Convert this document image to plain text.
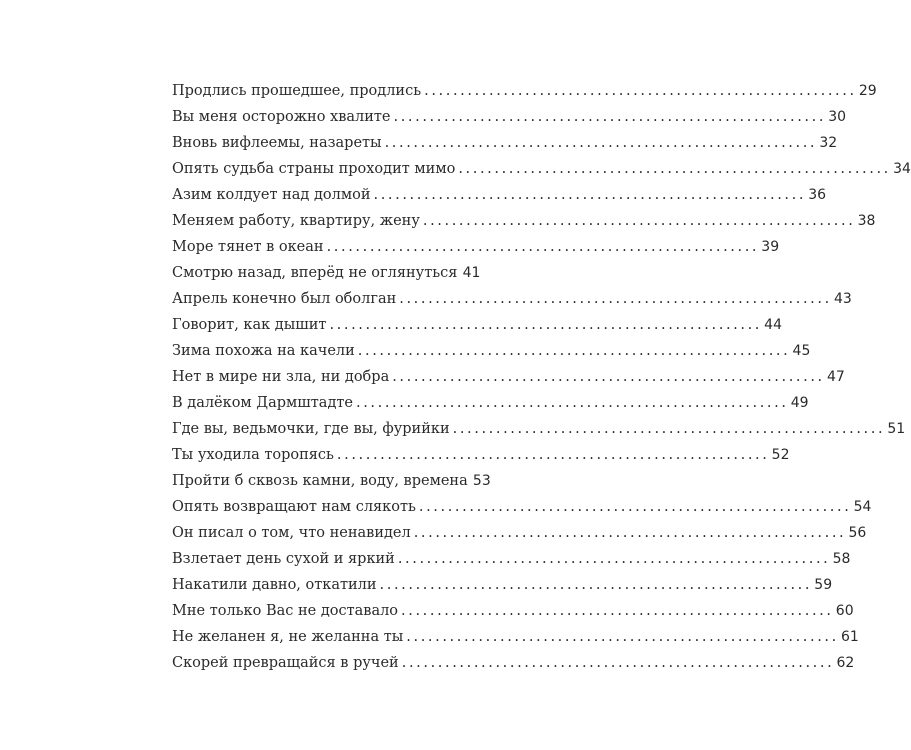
Продлись прошедшее, продлись ............................................................ 29
Вы меня осторожно хвалите ............................................................ 30
Вновь вифлеемы, назареты ............................................................ 32
Опять судьба страны проходит мимо ............................................................ 34
Азим колдует над долмой ............................................................ 36
Меняем работу, квартиру, жену ............................................................ 38
Море тянет в океан ............................................................ 39
Смотрю назад, вперёд не оглянуться 41
Апрель конечно был оболган ............................................................ 43
Говорит, как дышит ............................................................ 44
Зима похожа на качели ............................................................ 45
Нет в мире ни зла, ни добра ............................................................ 47
В далёком Дармштадте ............................................................ 49
Где вы, ведьмочки, где вы, фурийки ............................................................ 51
Ты уходила торопясь ............................................................ 52
Пройти б сквозь камни, воду, времена 53
Опять возвращают нам слякоть ............................................................ 54
Он писал о том, что ненавидел ............................................................ 56
Взлетает день сухой и яркий ............................................................ 58
Накатили давно, откатили ............................................................ 59
Мне только Вас не доставало ............................................................ 60
Не желанен я, не желанна ты ............................................................ 61
Скорей превращайся в ручей ............................................................ 62
